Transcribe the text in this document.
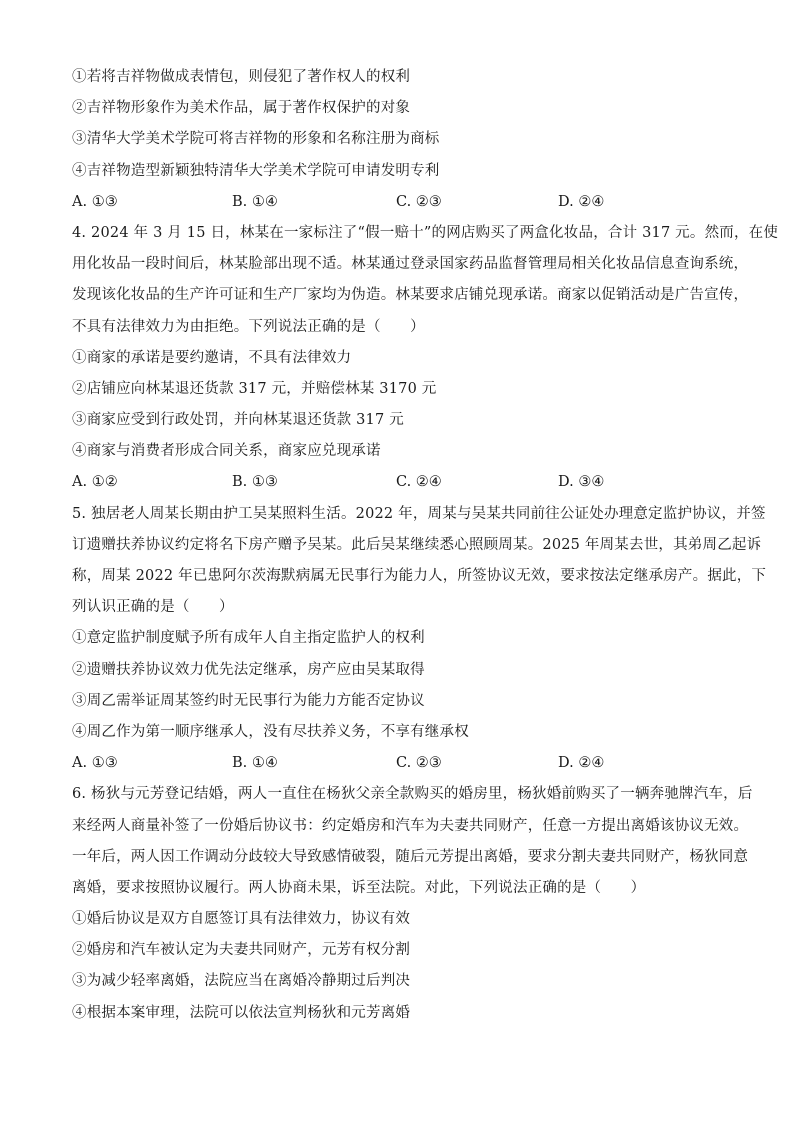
①若将吉祥物做成表情包，则侵犯了著作权人的权利
②吉祥物形象作为美术作品，属于著作权保护的对象
③清华大学美术学院可将吉祥物的形象和名称注册为商标
④吉祥物造型新颖独特清华大学美术学院可申请发明专利
A. ①③	B. ①④	C. ②③	D. ②④
4. 2024 年 3 月 15 日，林某在一家标注了“假一赔十”的网店购买了两盒化妆品，合计 317 元。然而，在使
用化妆品一段时间后，林某脸部出现不适。林某通过登录国家药品监督管理局相关化妆品信息查询系统，
发现该化妆品的生产许可证和生产厂家均为伪造。林某要求店铺兑现承诺。商家以促销活动是广告宣传，
不具有法律效力为由拒绝。下列说法正确的是（　　）
①商家的承诺是要约邀请，不具有法律效力
②店铺应向林某退还货款 317 元，并赔偿林某 3170 元
③商家应受到行政处罚，并向林某退还货款 317 元
④商家与消费者形成合同关系，商家应兑现承诺
A. ①②	B. ①③	C. ②④	D. ③④
5. 独居老人周某长期由护工吴某照料生活。2022 年，周某与吴某共同前往公证处办理意定监护协议，并签
订遗赠扶养协议约定将名下房产赠予吴某。此后吴某继续悉心照顾周某。2025 年周某去世，其弟周乙起诉
称，周某 2022 年已患阿尔茨海默病属无民事行为能力人，所签协议无效，要求按法定继承房产。据此，下
列认识正确的是（　　）
①意定监护制度赋予所有成年人自主指定监护人的权利
②遗赠扶养协议效力优先法定继承，房产应由吴某取得
③周乙需举证周某签约时无民事行为能力方能否定协议
④周乙作为第一顺序继承人，没有尽扶养义务，不享有继承权
A. ①③	B. ①④	C. ②③	D. ②④
6. 杨狄与元芳登记结婚，两人一直住在杨狄父亲全款购买的婚房里，杨狄婚前购买了一辆奔驰牌汽车，后
来经两人商量补签了一份婚后协议书：约定婚房和汽车为夫妻共同财产，任意一方提出离婚该协议无效。
一年后，两人因工作调动分歧较大导致感情破裂，随后元芳提出离婚，要求分割夫妻共同财产，杨狄同意
离婚，要求按照协议履行。两人协商未果，诉至法院。对此，下列说法正确的是（　　）
①婚后协议是双方自愿签订具有法律效力，协议有效
②婚房和汽车被认定为夫妻共同财产，元芳有权分割
③为减少轻率离婚，法院应当在离婚冷静期过后判决
④根据本案审理，法院可以依法宣判杨狄和元芳离婚
